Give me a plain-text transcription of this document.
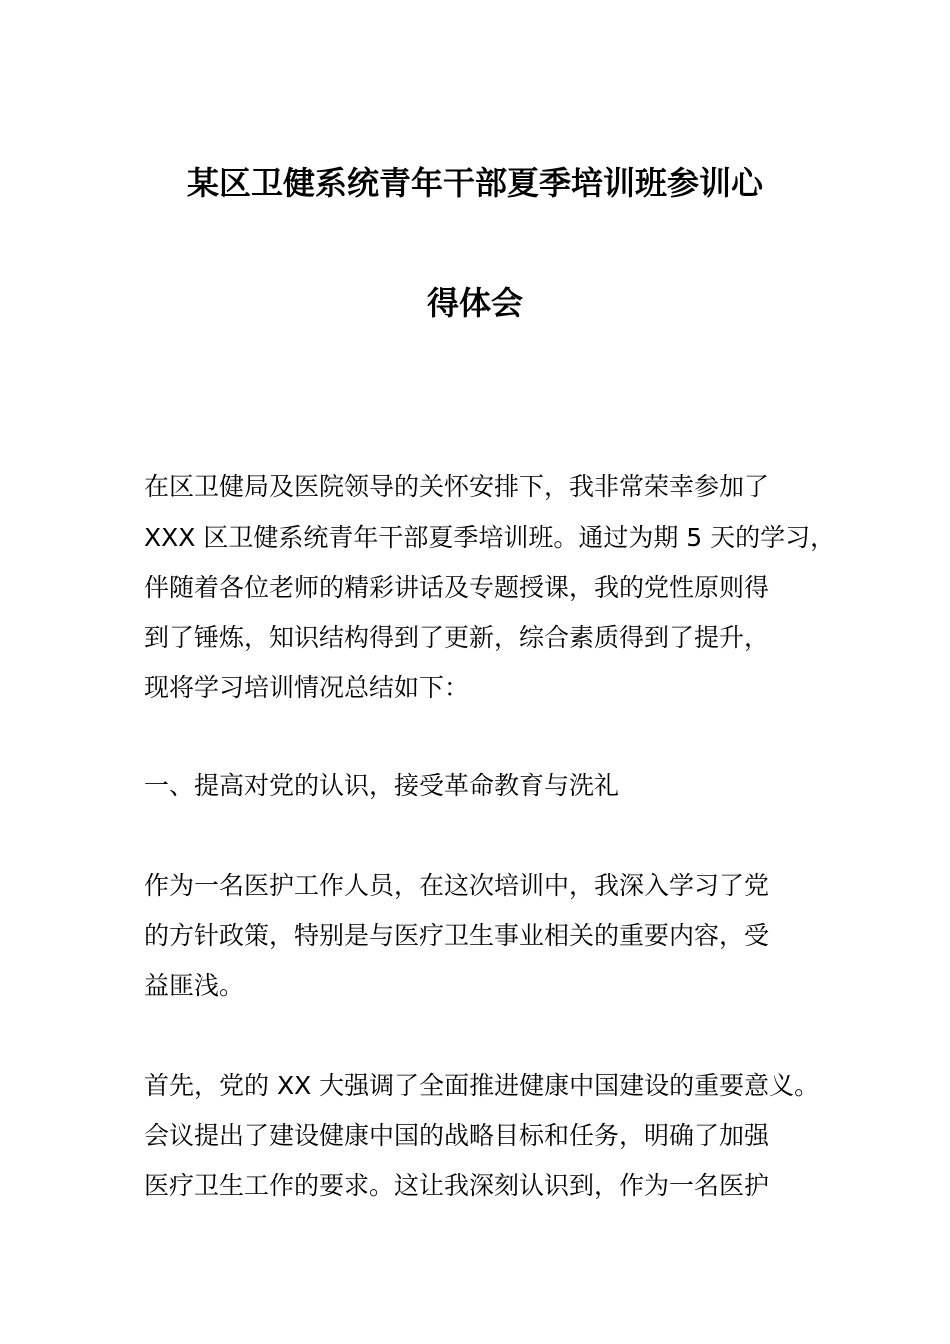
某区卫健系统青年干部夏季培训班参训心
得体会
在区卫健局及医院领导的关怀安排下，我非常荣幸参加了
XXX 区卫健系统青年干部夏季培训班。通过为期 5 天的学习，
伴随着各位老师的精彩讲话及专题授课，我的党性原则得
到了锤炼，知识结构得到了更新，综合素质得到了提升，
现将学习培训情况总结如下：
一、提高对党的认识，接受革命教育与洗礼
作为一名医护工作人员，在这次培训中，我深入学习了党
的方针政策，特别是与医疗卫生事业相关的重要内容，受
益匪浅。
首先，党的 XX 大强调了全面推进健康中国建设的重要意义。
会议提出了建设健康中国的战略目标和任务，明确了加强
医疗卫生工作的要求。这让我深刻认识到，作为一名医护
